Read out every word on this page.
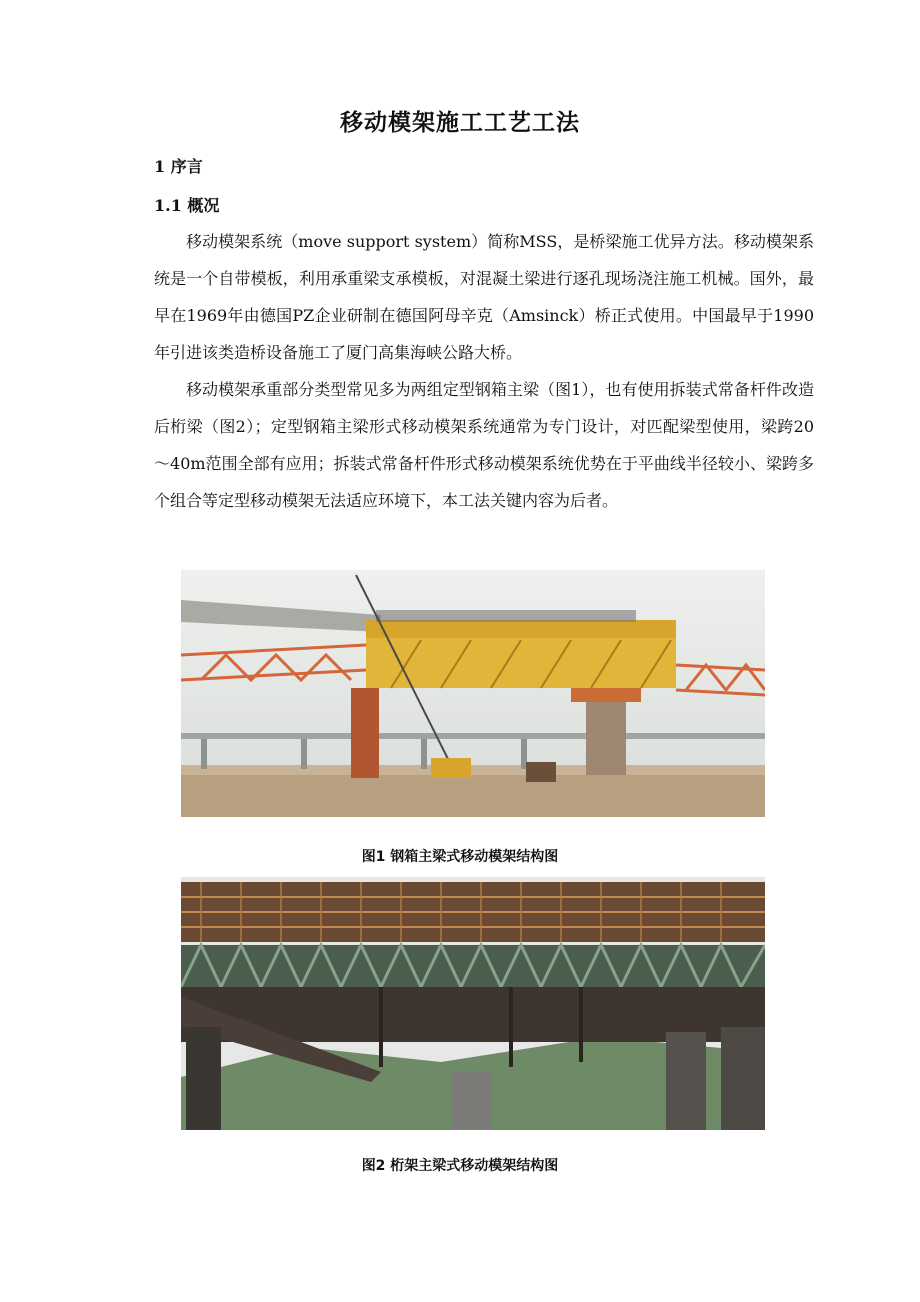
移动模架施工工艺工法
1 序言
1.1 概况

移动模架系统（move support system）简称MSS，是桥梁施工优异方法。移动模架系统是一个自带模板，利用承重梁支承模板，对混凝土梁进行逐孔现场浇注施工机械。国外，最早在1969年由德国PZ企业研制在德国阿母辛克（Amsinck）桥正式使用。中国最早于1990年引进该类造桥设备施工了厦门高集海峡公路大桥。

移动模架承重部分类型常见多为两组定型钢箱主梁（图1），也有使用拆装式常备杆件改造后桁梁（图2）；定型钢箱主梁形式移动模架系统通常为专门设计，对匹配梁型使用，梁跨20～40m范围全部有应用；拆装式常备杆件形式移动模架系统优势在于平曲线半径较小、梁跨多个组合等定型移动模架无法适应环境下，本工法关键内容为后者。

图1 钢箱主梁式移动模架结构图
图2 桁架主梁式移动模架结构图
